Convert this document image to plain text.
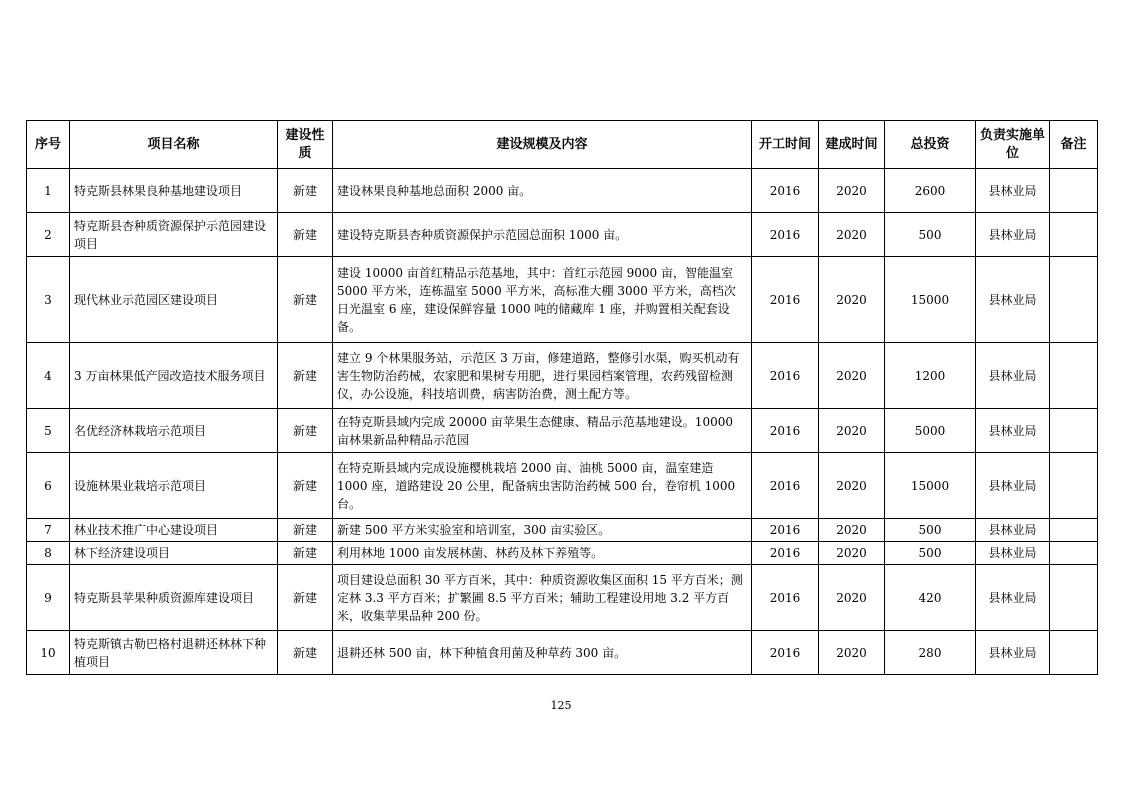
序号	项目名称	建设性质	建设规模及内容	开工时间	建成时间	总投资	负责实施单位	备注
1	特克斯县林果良种基地建设项目	新建	建设林果良种基地总面积 2000 亩。	2016	2020	2600	县林业局	
2	特克斯县杏种质资源保护示范园建设项目	新建	建设特克斯县杏种质资源保护示范园总面积 1000 亩。	2016	2020	500	县林业局	
3	现代林业示范园区建设项目	新建	建设 10000 亩首红精品示范基地，其中：首红示范园 9000 亩，智能温室 5000 平方米，连栋温室 5000 平方米，高标准大棚 3000 平方米，高档次日光温室 6 座，建设保鲜容量 1000 吨的储藏库 1 座，并购置相关配套设备。	2016	2020	15000	县林业局	
4	3 万亩林果低产园改造技术服务项目	新建	建立 9 个林果服务站，示范区 3 万亩，修建道路，整修引水渠，购买机动有害生物防治药械，农家肥和果树专用肥，进行果园档案管理，农药残留检测仪，办公设施，科技培训费，病害防治费，测土配方等。	2016	2020	1200	县林业局	
5	名优经济林栽培示范项目	新建	在特克斯县域内完成 20000 亩苹果生态健康、精品示范基地建设。10000 亩林果新品种精品示范园	2016	2020	5000	县林业局	
6	设施林果业栽培示范项目	新建	在特克斯县域内完成设施樱桃栽培 2000 亩、油桃 5000 亩，温室建造 1000 座，道路建设 20 公里，配备病虫害防治药械 500 台，卷帘机 1000 台。	2016	2020	15000	县林业局	
7	林业技术推广中心建设项目	新建	新建 500 平方米实验室和培训室，300 亩实验区。	2016	2020	500	县林业局	
8	林下经济建设项目	新建	利用林地 1000 亩发展林菌、林药及林下养殖等。	2016	2020	500	县林业局	
9	特克斯县苹果种质资源库建设项目	新建	项目建设总面积 30 平方百米，其中：种质资源收集区面积 15 平方百米；测定林 3.3 平方百米；扩繁圃 8.5 平方百米；辅助工程建设用地 3.2 平方百米，收集苹果品种 200 份。	2016	2020	420	县林业局	
10	特克斯镇古勒巴格村退耕还林林下种植项目	新建	退耕还林 500 亩，林下种植食用菌及种草药 300 亩。	2016	2020	280	县林业局	
125
